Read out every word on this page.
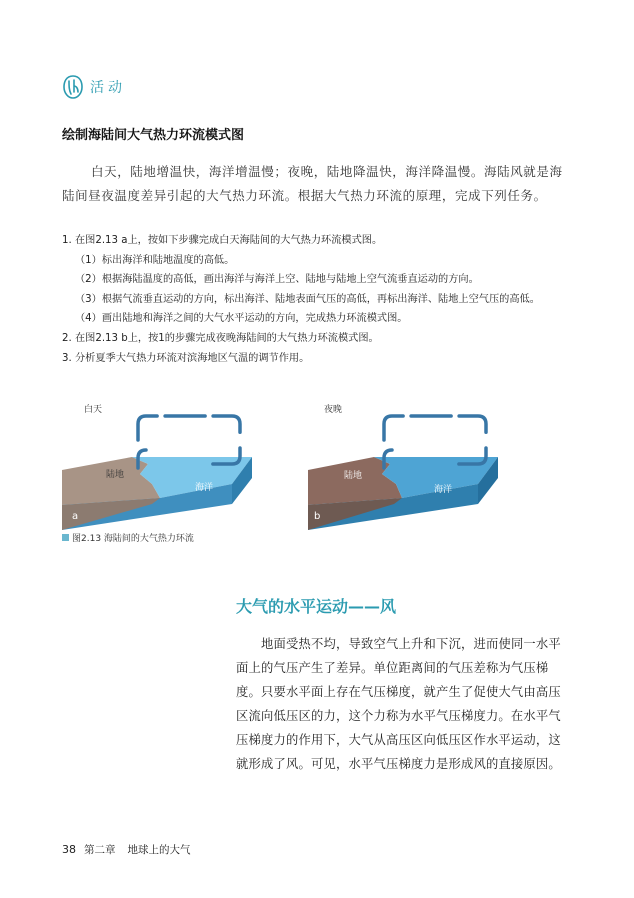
活动
绘制海陆间大气热力环流模式图
白天，陆地增温快，海洋增温慢；夜晚，陆地降温快，海洋降温慢。海陆风就是海陆间昼夜温度差异引起的大气热力环流。根据大气热力环流的原理，完成下列任务。
1. 在图2.13 a上，按如下步骤完成白天海陆间的大气热力环流模式图。
（1）标出海洋和陆地温度的高低。
（2）根据海陆温度的高低，画出海洋与海洋上空、陆地与陆地上空气流垂直运动的方向。
（3）根据气流垂直运动的方向，标出海洋、陆地表面气压的高低，再标出海洋、陆地上空气压的高低。
（4）画出陆地和海洋之间的大气水平运动的方向，完成热力环流模式图。
2. 在图2.13 b上，按1的步骤完成夜晚海陆间的大气热力环流模式图。
3. 分析夏季大气热力环流对滨海地区气温的调节作用。
白天
陆地
海洋
a
夜晚
陆地
海洋
b
图2.13 海陆间的大气热力环流
大气的水平运动——风
地面受热不均，导致空气上升和下沉，进而使同一水平面上的气压产生了差异。单位距离间的气压差称为气压梯度。只要水平面上存在气压梯度，就产生了促使大气由高压区流向低压区的力，这个力称为水平气压梯度力。在水平气压梯度力的作用下，大气从高压区向低压区作水平运动，这就形成了风。可见，水平气压梯度力是形成风的直接原因。
38 第二章 地球上的大气
